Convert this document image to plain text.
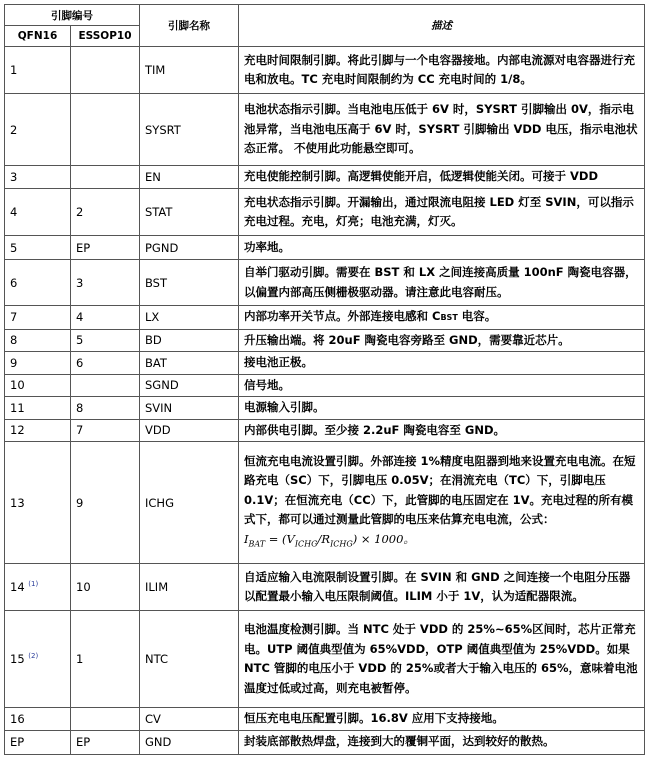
引脚编号		引脚名称	描述
QFN16	ESSOP10		
1		TIM	充电时间限制引脚。将此引脚与一个电容器接地。内部电流源对电容器进行充电和放电。TC 充电时间限制约为 CC 充电时间的 1/8。
2		SYSRT	电池状态指示引脚。当电池电压低于 6V 时，SYSRT 引脚输出 0V，指示电池异常，当电池电压高于 6V 时，SYSRT 引脚输出 VDD 电压，指示电池状态正常。 不使用此功能悬空即可。
3		EN	充电使能控制引脚。高逻辑使能开启，低逻辑使能关闭。可接于 VDD
4	2	STAT	充电状态指示引脚。开漏输出，通过限流电阻接 LED 灯至 SVIN，可以指示充电过程。充电，灯亮；电池充满，灯灭。
5	EP	PGND	功率地。
6	3	BST	自举门驱动引脚。需要在 BST 和 LX 之间连接高质量 100nF 陶瓷电容器，以偏置内部高压侧栅极驱动器。请注意此电容耐压。
7	4	LX	内部功率开关节点。外部连接电感和 CBST 电容。
8	5	BD	升压输出端。将 20uF 陶瓷电容旁路至 GND，需要靠近芯片。
9	6	BAT	接电池正极。
10		SGND	信号地。
11	8	SVIN	电源输入引脚。
12	7	VDD	内部供电引脚。至少接 2.2uF 陶瓷电容至 GND。
13	9	ICHG	恒流充电电流设置引脚。外部连接 1%精度电阻器到地来设置充电电流。在短路充电（SC）下，引脚电压 0.05V；在涓流充电（TC）下，引脚电压 0.1V；在恒流充电（CC）下，此管脚的电压固定在 1V。充电过程的所有模式下，都可以通过测量此管脚的电压来估算充电电流，公式：
$I_{BAT} = (V_{ICHG}/R_{ICHG}) \times 1000$。
14 $^{(1)}$	10	ILIM	自适应输入电流限制设置引脚。在 SVIN 和 GND 之间连接一个电阻分压器以配置最小输入电压限制阈值。ILIM 小于 1V，认为适配器限流。
15 $^{(2)}$	1	NTC	电池温度检测引脚。当 NTC 处于 VDD 的 25%~65%区间时，芯片正常充电。UTP 阈值典型值为 65%VDD，OTP 阈值典型值为 25%VDD。如果 NTC 管脚的电压小于 VDD 的 25%或者大于输入电压的 65%，意味着电池温度过低或过高，则充电被暂停。
16		CV	恒压充电电压配置引脚。16.8V 应用下支持接地。
EP	EP	GND	封装底部散热焊盘，连接到大的覆铜平面，达到较好的散热。
